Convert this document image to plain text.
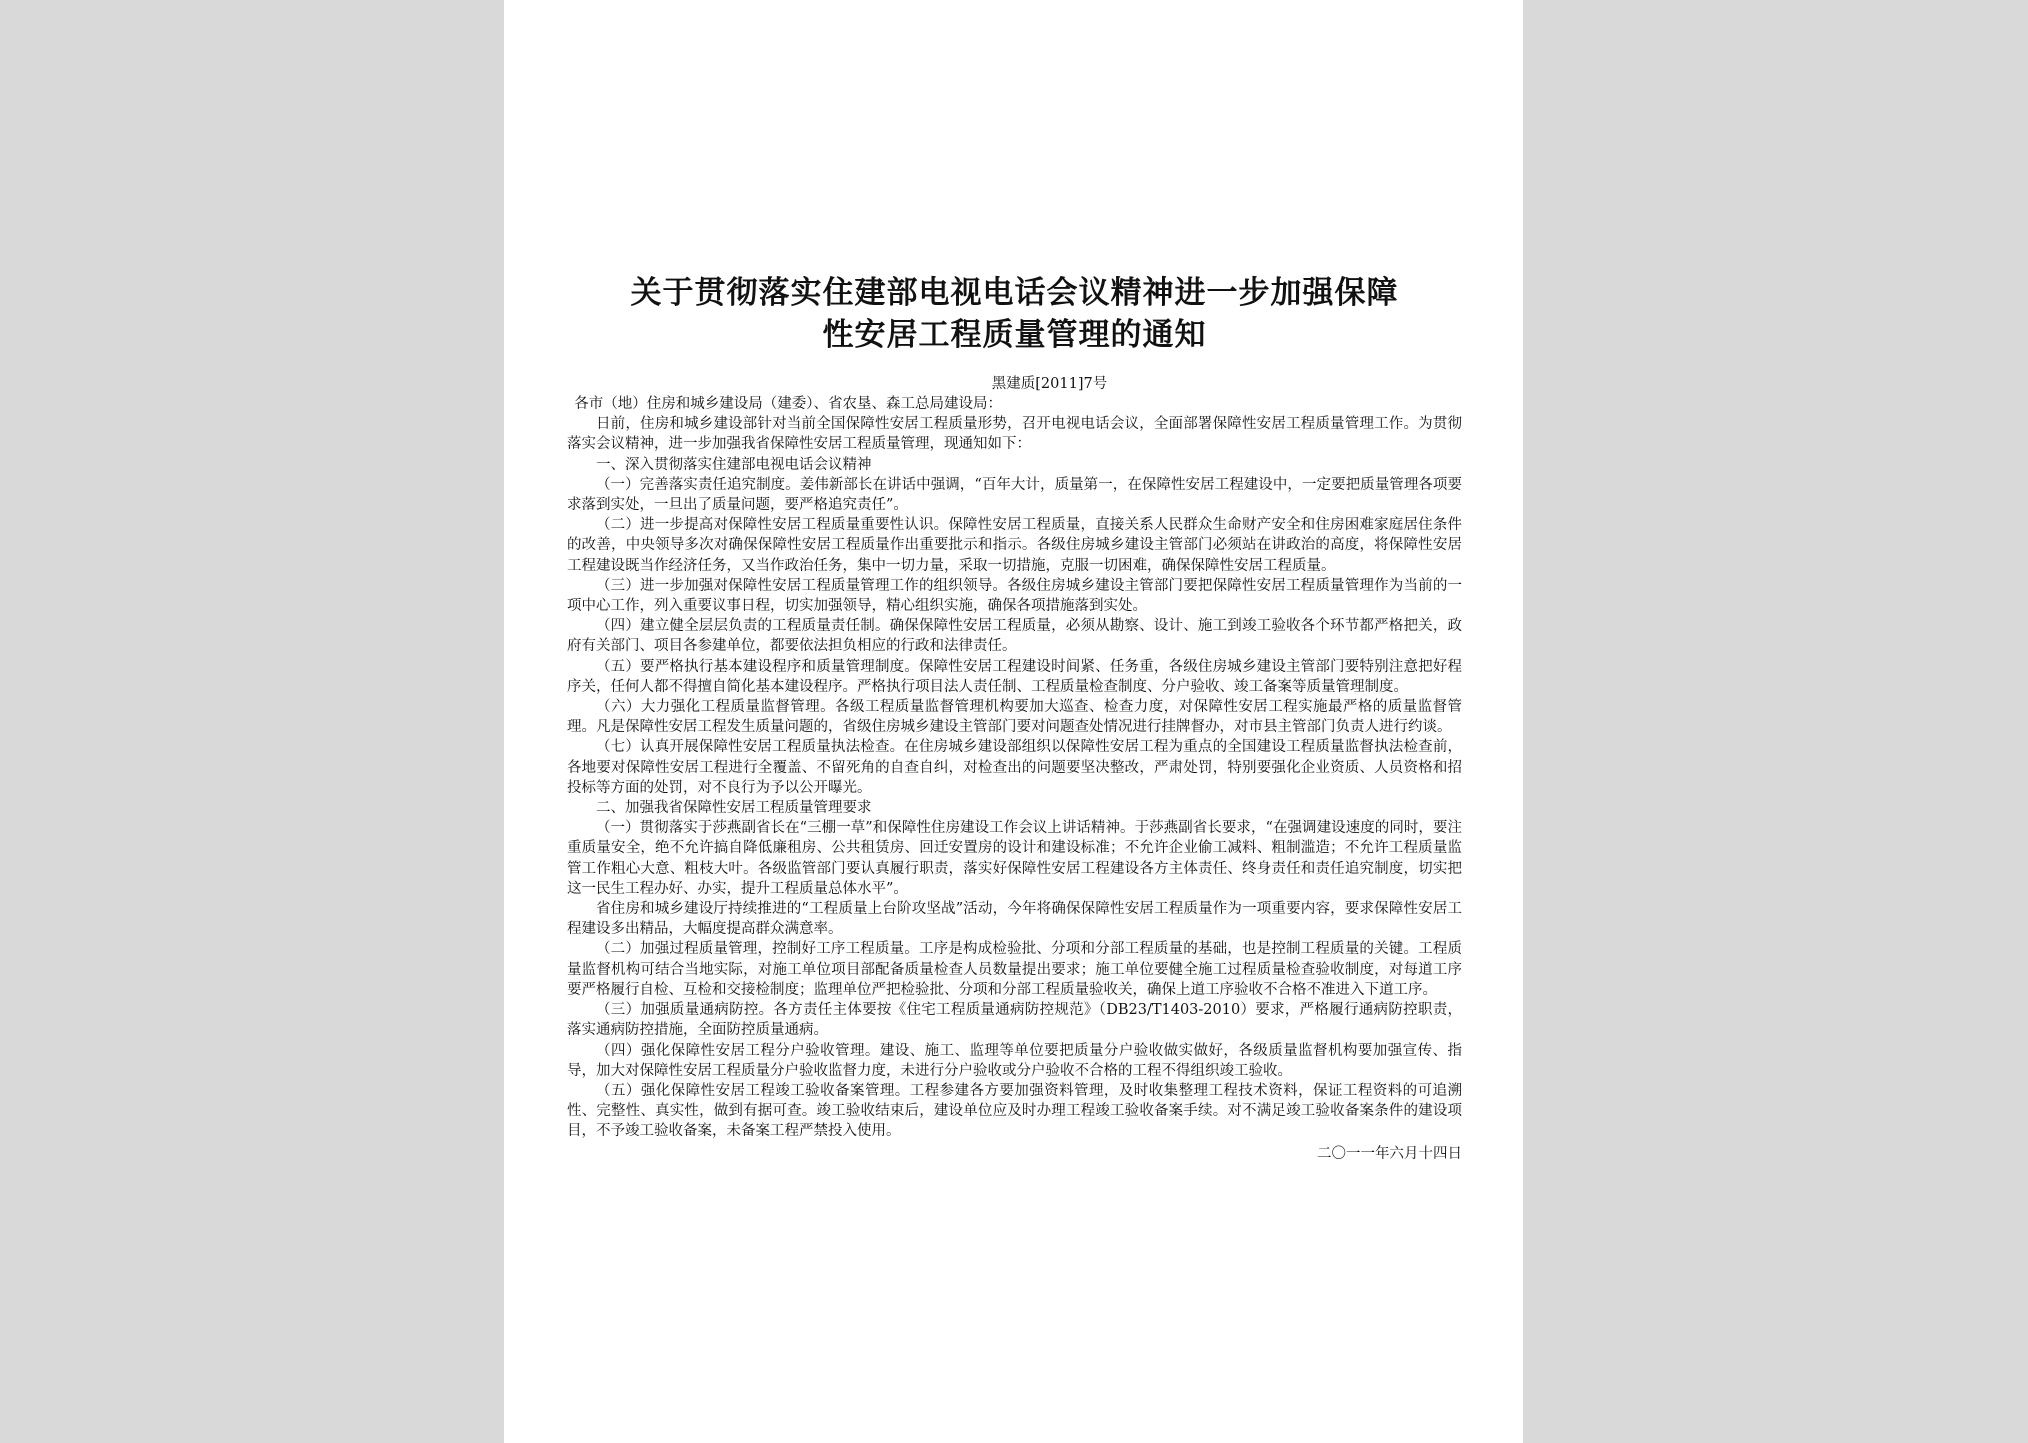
关于贯彻落实住建部电视电话会议精神进一步加强保障
性安居工程质量管理的通知
黑建质[2011]7号

各市（地）住房和城乡建设局（建委）、省农垦、森工总局建设局：

日前，住房和城乡建设部针对当前全国保障性安居工程质量形势，召开电视电话会议，全面部署保障性安居工程质量管理工作。为贯彻落实会议精神，进一步加强我省保障性安居工程质量管理，现通知如下：

一、深入贯彻落实住建部电视电话会议精神

（一）完善落实责任追究制度。姜伟新部长在讲话中强调，“百年大计，质量第一，在保障性安居工程建设中，一定要把质量管理各项要求落到实处，一旦出了质量问题，要严格追究责任”。

（二）进一步提高对保障性安居工程质量重要性认识。保障性安居工程质量，直接关系人民群众生命财产安全和住房困难家庭居住条件的改善，中央领导多次对确保保障性安居工程质量作出重要批示和指示。各级住房城乡建设主管部门必须站在讲政治的高度，将保障性安居工程建设既当作经济任务，又当作政治任务，集中一切力量，采取一切措施，克服一切困难，确保保障性安居工程质量。

（三）进一步加强对保障性安居工程质量管理工作的组织领导。各级住房城乡建设主管部门要把保障性安居工程质量管理作为当前的一项中心工作，列入重要议事日程，切实加强领导，精心组织实施，确保各项措施落到实处。

（四）建立健全层层负责的工程质量责任制。确保保障性安居工程质量，必须从勘察、设计、施工到竣工验收各个环节都严格把关，政府有关部门、项目各参建单位，都要依法担负相应的行政和法律责任。

（五）要严格执行基本建设程序和质量管理制度。保障性安居工程建设时间紧、任务重，各级住房城乡建设主管部门要特别注意把好程序关，任何人都不得擅自简化基本建设程序。严格执行项目法人责任制、工程质量检查制度、分户验收、竣工备案等质量管理制度。

（六）大力强化工程质量监督管理。各级工程质量监督管理机构要加大巡查、检查力度，对保障性安居工程实施最严格的质量监督管理。凡是保障性安居工程发生质量问题的，省级住房城乡建设主管部门要对问题查处情况进行挂牌督办，对市县主管部门负责人进行约谈。

（七）认真开展保障性安居工程质量执法检查。在住房城乡建设部组织以保障性安居工程为重点的全国建设工程质量监督执法检查前，各地要对保障性安居工程进行全覆盖、不留死角的自查自纠，对检查出的问题要坚决整改，严肃处罚，特别要强化企业资质、人员资格和招投标等方面的处罚，对不良行为予以公开曝光。

二、加强我省保障性安居工程质量管理要求

（一）贯彻落实于莎燕副省长在“三棚一草”和保障性住房建设工作会议上讲话精神。于莎燕副省长要求，“在强调建设速度的同时，要注重质量安全，绝不允许搞自降低廉租房、公共租赁房、回迁安置房的设计和建设标准；不允许企业偷工减料、粗制滥造；不允许工程质量监管工作粗心大意、粗枝大叶。各级监管部门要认真履行职责，落实好保障性安居工程建设各方主体责任、终身责任和责任追究制度，切实把这一民生工程办好、办实，提升工程质量总体水平”。

省住房和城乡建设厅持续推进的“工程质量上台阶攻坚战”活动，今年将确保保障性安居工程质量作为一项重要内容，要求保障性安居工程建设多出精品，大幅度提高群众满意率。

（二）加强过程质量管理，控制好工序工程质量。工序是构成检验批、分项和分部工程质量的基础，也是控制工程质量的关键。工程质量监督机构可结合当地实际，对施工单位项目部配备质量检查人员数量提出要求；施工单位要健全施工过程质量检查验收制度，对每道工序要严格履行自检、互检和交接检制度；监理单位严把检验批、分项和分部工程质量验收关，确保上道工序验收不合格不准进入下道工序。

（三）加强质量通病防控。各方责任主体要按《住宅工程质量通病防控规范》（DB23/T1403-2010）要求，严格履行通病防控职责，落实通病防控措施，全面防控质量通病。

（四）强化保障性安居工程分户验收管理。建设、施工、监理等单位要把质量分户验收做实做好，各级质量监督机构要加强宣传、指导，加大对保障性安居工程质量分户验收监督力度，未进行分户验收或分户验收不合格的工程不得组织竣工验收。

（五）强化保障性安居工程竣工验收备案管理。工程参建各方要加强资料管理，及时收集整理工程技术资料，保证工程资料的可追溯性、完整性、真实性，做到有据可查。竣工验收结束后，建设单位应及时办理工程竣工验收备案手续。对不满足竣工验收备案条件的建设项目，不予竣工验收备案，未备案工程严禁投入使用。

二〇一一年六月十四日
